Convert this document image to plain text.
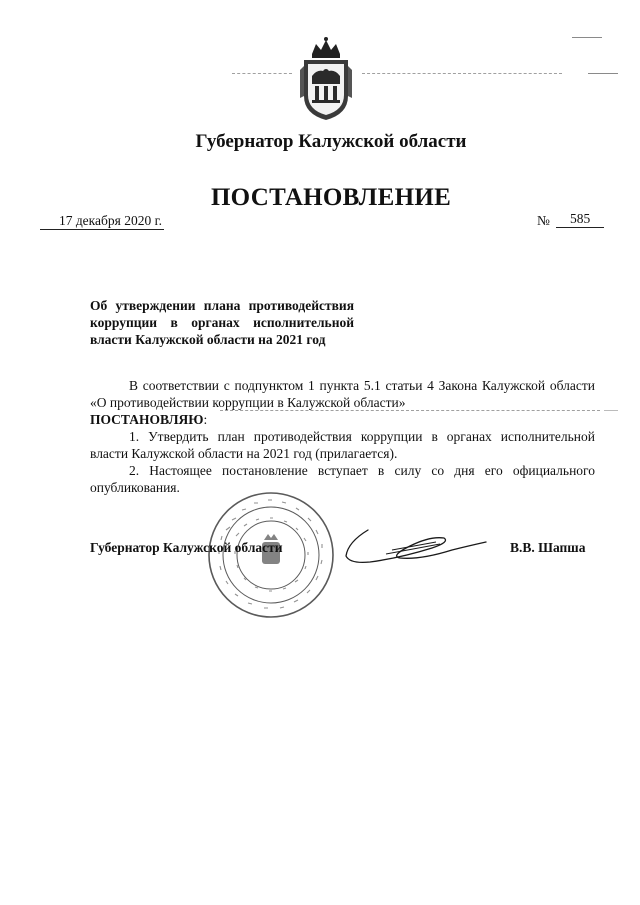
Губернатор Калужской области
ПОСТАНОВЛЕНИЕ
17 декабря 2020 г.	№	585
Об утверждении плана противодействия коррупции в органах исполнительной власти Калужской области на 2021 год

В соответствии с подпунктом 1 пункта 5.1 статьи 4 Закона Калужской области «О противодействии коррупции в Калужской области»

ПОСТАНОВЛЯЮ:

1. Утвердить план противодействия коррупции в органах исполнительной власти Калужской области на 2021 год (прилагается).

2. Настоящее постановление вступает в силу со дня его официального опубликования.

Губернатор Калужской области	В.В. Шапша
